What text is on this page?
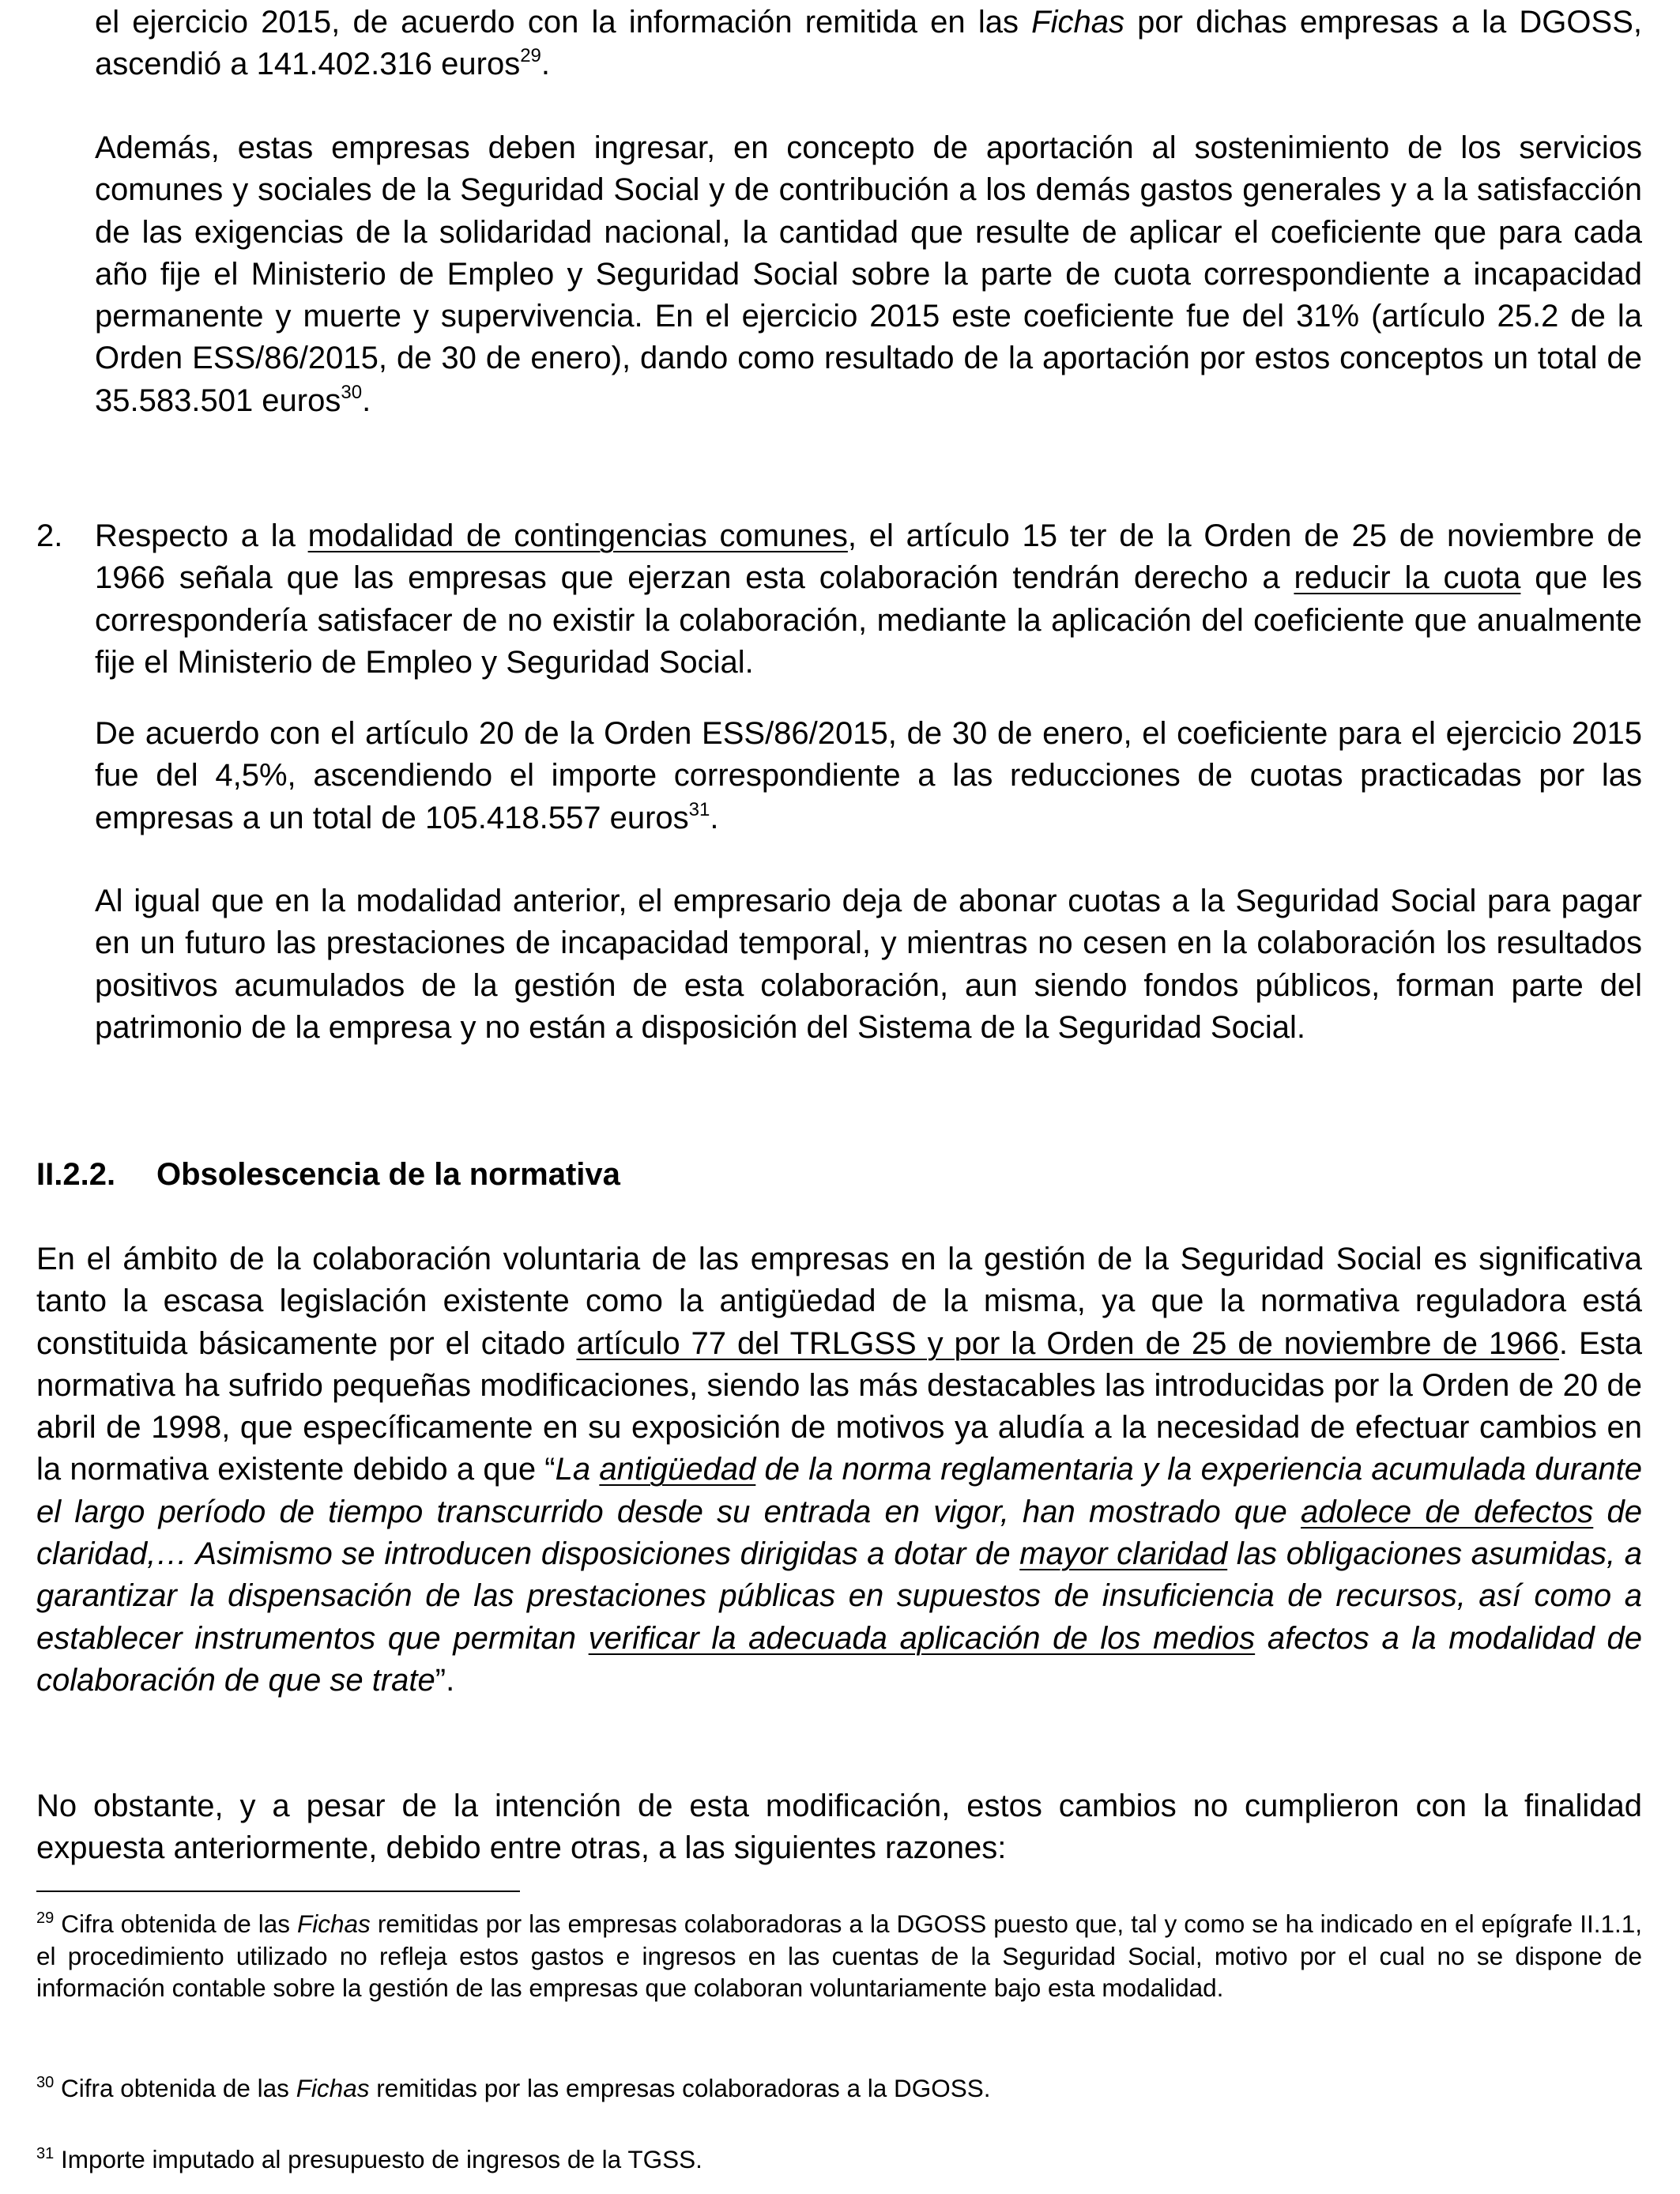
el ejercicio 2015, de acuerdo con la información remitida en las Fichas por dichas empresas a la DGOSS, ascendió a 141.402.316 euros$^{29}$.

Además, estas empresas deben ingresar, en concepto de aportación al sostenimiento de los servicios comunes y sociales de la Seguridad Social y de contribución a los demás gastos generales y a la satisfacción de las exigencias de la solidaridad nacional, la cantidad que resulte de aplicar el coeficiente que para cada año fije el Ministerio de Empleo y Seguridad Social sobre la parte de cuota correspondiente a incapacidad permanente y muerte y supervivencia. En el ejercicio 2015 este coeficiente fue del 31% (artículo 25.2 de la Orden ESS/86/2015, de 30 de enero), dando como resultado de la aportación por estos conceptos un total de 35.583.501 euros$^{30}$.

2. Respecto a la modalidad de contingencias comunes, el artículo 15 ter de la Orden de 25 de noviembre de 1966 señala que las empresas que ejerzan esta colaboración tendrán derecho a reducir la cuota que les correspondería satisfacer de no existir la colaboración, mediante la aplicación del coeficiente que anualmente fije el Ministerio de Empleo y Seguridad Social.

De acuerdo con el artículo 20 de la Orden ESS/86/2015, de 30 de enero, el coeficiente para el ejercicio 2015 fue del 4,5%, ascendiendo el importe correspondiente a las reducciones de cuotas practicadas por las empresas a un total de 105.418.557 euros$^{31}$.

Al igual que en la modalidad anterior, el empresario deja de abonar cuotas a la Seguridad Social para pagar en un futuro las prestaciones de incapacidad temporal, y mientras no cesen en la colaboración los resultados positivos acumulados de la gestión de esta colaboración, aun siendo fondos públicos, forman parte del patrimonio de la empresa y no están a disposición del Sistema de la Seguridad Social.

II.2.2. Obsolescencia de la normativa

En el ámbito de la colaboración voluntaria de las empresas en la gestión de la Seguridad Social es significativa tanto la escasa legislación existente como la antigüedad de la misma, ya que la normativa reguladora está constituida básicamente por el citado artículo 77 del TRLGSS y por la Orden de 25 de noviembre de 1966. Esta normativa ha sufrido pequeñas modificaciones, siendo las más destacables las introducidas por la Orden de 20 de abril de 1998, que específicamente en su exposición de motivos ya aludía a la necesidad de efectuar cambios en la normativa existente debido a que “La antigüedad de la norma reglamentaria y la experiencia acumulada durante el largo período de tiempo transcurrido desde su entrada en vigor, han mostrado que adolece de defectos de claridad,… Asimismo se introducen disposiciones dirigidas a dotar de mayor claridad las obligaciones asumidas, a garantizar la dispensación de las prestaciones públicas en supuestos de insuficiencia de recursos, así como a establecer instrumentos que permitan verificar la adecuada aplicación de los medios afectos a la modalidad de colaboración de que se trate”.

No obstante, y a pesar de la intención de esta modificación, estos cambios no cumplieron con la finalidad expuesta anteriormente, debido entre otras, a las siguientes razones:

$^{29}$ Cifra obtenida de las Fichas remitidas por las empresas colaboradoras a la DGOSS puesto que, tal y como se ha indicado en el epígrafe II.1.1, el procedimiento utilizado no refleja estos gastos e ingresos en las cuentas de la Seguridad Social, motivo por el cual no se dispone de información contable sobre la gestión de las empresas que colaboran voluntariamente bajo esta modalidad.
$^{30}$ Cifra obtenida de las Fichas remitidas por las empresas colaboradoras a la DGOSS.
$^{31}$ Importe imputado al presupuesto de ingresos de la TGSS.
